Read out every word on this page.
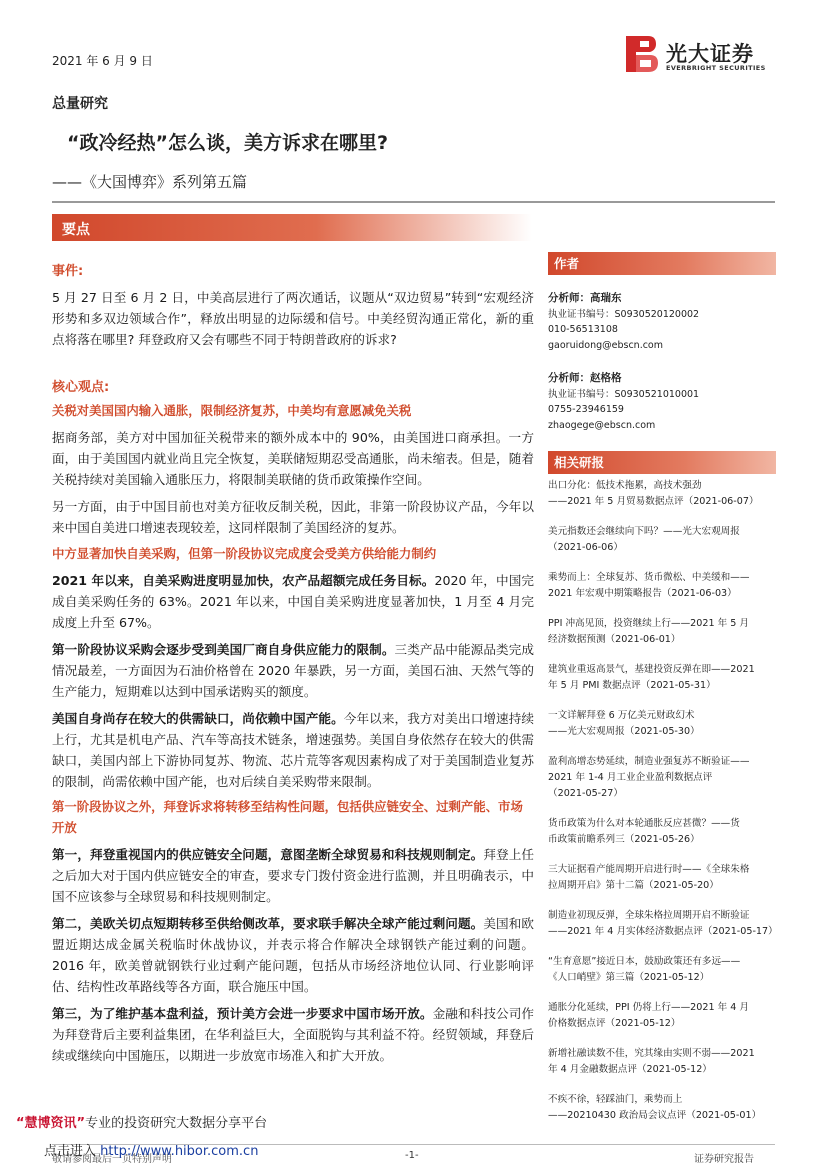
2021 年 6 月 9 日	光大证券
EVERBRIGHT SECURITIES
总量研究
“政冷经热”怎么谈，美方诉求在哪里?
——《大国博弈》系列第五篇
要点
事件:

5 月 27 日至 6 月 2 日，中美高层进行了两次通话，议题从“双边贸易”转到“宏观经济形势和多双边领域合作”，释放出明显的边际缓和信号。中美经贸沟通正常化，新的重点将落在哪里? 拜登政府又会有哪些不同于特朗普政府的诉求?

核心观点:
关税对美国国内输入通胀，限制经济复苏，中美均有意愿减免关税

据商务部，美方对中国加征关税带来的额外成本中的 90%，由美国进口商承担。一方面，由于美国国内就业尚且完全恢复，美联储短期忍受高通胀，尚未缩表。但是，随着关税持续对美国输入通胀压力，将限制美联储的货币政策操作空间。

另一方面，由于中国目前也对美方征收反制关税，因此，非第一阶段协议产品，今年以来中国自美进口增速表现较差，这同样限制了美国经济的复苏。

中方显著加快自美采购，但第一阶段协议完成度会受美方供给能力制约

2021 年以来，自美采购进度明显加快，农产品超额完成任务目标。2020 年，中国完成自美采购任务的 63%。2021 年以来，中国自美采购进度显著加快，1 月至 4 月完成度上升至 67%。

第一阶段协议采购会逐步受到美国厂商自身供应能力的限制。三类产品中能源品类完成情况最差，一方面因为石油价格曾在 2020 年暴跌，另一方面，美国石油、天然气等的生产能力，短期难以达到中国承诺购买的额度。

美国自身尚存在较大的供需缺口，尚依赖中国产能。今年以来，我方对美出口增速持续上行，尤其是机电产品、汽车等高技术链条，增速强势。美国自身依然存在较大的供需缺口，美国内部上下游协同复苏、物流、芯片荒等客观因素构成了对于美国制造业复苏的限制，尚需依赖中国产能，也对后续自美采购带来限制。

第一阶段协议之外，拜登诉求将转移至结构性问题，包括供应链安全、过剩产能、市场开放

第一，拜登重视国内的供应链安全问题，意图垄断全球贸易和科技规则制定。拜登上任之后加大对于国内供应链安全的审查，要求专门拨付资金进行监测，并且明确表示，中国不应该参与全球贸易和科技规则制定。

第二，美欧关切点短期转移至供给侧改革，要求联手解决全球产能过剩问题。美国和欧盟近期达成金属关税临时休战协议，并表示将合作解决全球钢铁产能过剩的问题。2016 年，欧美曾就钢铁行业过剩产能问题，包括从市场经济地位认同、行业影响评估、结构性改革路线等各方面，联合施压中国。

第三，为了维护基本盘利益，预计美方会进一步要求中国市场开放。金融和科技公司作为拜登背后主要利益集团，在华利益巨大，全面脱钩与其利益不符。经贸领域，拜登后续或继续向中国施压，以期进一步放宽市场准入和扩大开放。

作者
分析师：高瑞东
执业证书编号：S0930520120002
010-56513108
gaoruidong@ebscn.com
分析师：赵格格
执业证书编号：S0930521010001
0755-23946159
zhaogege@ebscn.com
相关研报
出口分化：低技术拖累，高技术强劲
——2021 年 5 月贸易数据点评（2021-06-07）
美元指数还会继续向下吗？——光大宏观周报
（2021-06-06）
乘势而上：全球复苏、货币微松、中美缓和——
2021 年宏观中期策略报告（2021-06-03）
PPI 冲高见顶，投资继续上行——2021 年 5 月
经济数据预测（2021-06-01）
建筑业重返高景气，基建投资反弹在即——2021
年 5 月 PMI 数据点评（2021-05-31）
一文详解拜登 6 万亿美元财政幻术
——光大宏观周报（2021-05-30）
盈利高增态势延续，制造业强复苏不断验证——
2021 年 1-4 月工业企业盈利数据点评
（2021-05-27）
货币政策为什么对本轮通胀反应甚微？——货
币政策前瞻系列三（2021-05-26）
三大证据看产能周期开启进行时——《全球朱格
拉周期开启》第十二篇（2021-05-20）
制造业初现反弹，全球朱格拉周期开启不断验证
——2021 年 4 月实体经济数据点评（2021-05-17）
“生育意愿”接近日本，鼓励政策还有多远——
《人口峭壁》第三篇（2021-05-12）
通胀分化延续，PPI 仍将上行——2021 年 4 月
价格数据点评（2021-05-12）
新增社融读数不佳，究其缘由实则不弱——2021
年 4 月金融数据点评（2021-05-12）
不疾不徐，轻踩油门，乘势而上
——20210430 政治局会议点评（2021-05-01）
“慧博资讯”专业的投资研究大数据分享平台
敬请参阅最后一页特别声明
点击进入 http://www.hibor.com.cn	-1-	证券研究报告
